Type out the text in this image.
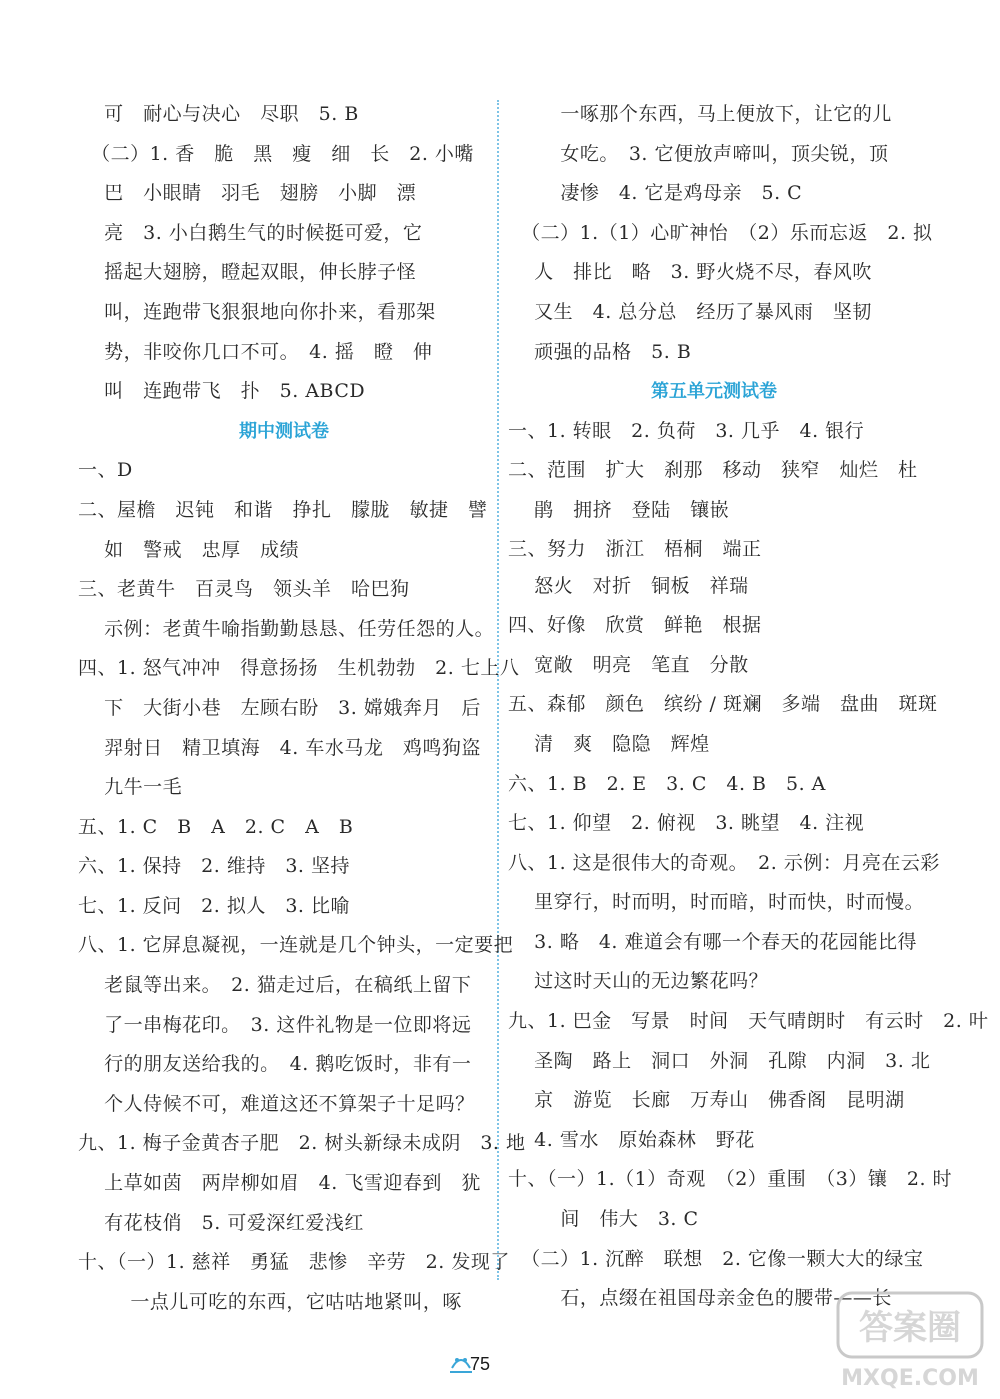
可　耐心与决心　尽职　5. B
（二）1. 香　脆　黑　瘦　细　长　2. 小嘴
巴　小眼睛　羽毛　翅膀　小脚　漂
亮　3. 小白鹅生气的时候挺可爱，它
摇起大翅膀，瞪起双眼，伸长脖子怪
叫，连跑带飞狠狠地向你扑来，看那架
势，非咬你几口不可。　4. 摇　瞪　伸
叫　连跑带飞　扑　5. ABCD
期中测试卷
一、D
二、屋檐　迟钝　和谐　挣扎　朦胧　敏捷　譬
如　警戒　忠厚　成绩
三、老黄牛　百灵鸟　领头羊　哈巴狗
示例：老黄牛喻指勤勤恳恳、任劳任怨的人。
四、1. 怒气冲冲　得意扬扬　生机勃勃　2. 七上八
下　大街小巷　左顾右盼　3. 嫦娥奔月　后
羿射日　精卫填海　4. 车水马龙　鸡鸣狗盗
九牛一毛
五、1. C　B　A　2. C　A　B
六、1. 保持　2. 维持　3. 坚持
七、1. 反问　2. 拟人　3. 比喻
八、1. 它屏息凝视，一连就是几个钟头，一定要把
老鼠等出来。　2. 猫走过后，在稿纸上留下
了一串梅花印。　3. 这件礼物是一位即将远
行的朋友送给我的。　4. 鹅吃饭时，非有一
个人侍候不可，难道这还不算架子十足吗？
九、1. 梅子金黄杏子肥　2. 树头新绿未成阴　3. 地
上草如茵　两岸柳如眉　4. 飞雪迎春到　犹
有花枝俏　5. 可爱深红爱浅红
十、（一）1. 慈祥　勇猛　悲惨　辛劳　2. 发现了
一点儿可吃的东西，它咕咕地紧叫，啄
一啄那个东西，马上便放下，让它的儿
女吃。　3. 它便放声啼叫，顶尖锐，顶
凄惨　4. 它是鸡母亲　5. C
（二）1.（1）心旷神怡　（2）乐而忘返　2. 拟
人　排比　略　3. 野火烧不尽，春风吹
又生　4. 总分总　经历了暴风雨　坚韧
顽强的品格　5. B
第五单元测试卷
一、1. 转眼　2. 负荷　3. 几乎　4. 银行
二、范围　扩大　刹那　移动　狭窄　灿烂　杜
鹃　拥挤　登陆　镶嵌
三、努力　浙江　梧桐　端正
怒火　对折　铜板　祥瑞
四、好像　欣赏　鲜艳　根据
宽敞　明亮　笔直　分散
五、森郁　颜色　缤纷 / 斑斓　多端　盘曲　斑斑
清　爽　隐隐　辉煌
六、1. B　2. E　3. C　4. B　5. A
七、1. 仰望　2. 俯视　3. 眺望　4. 注视
八、1. 这是很伟大的奇观。　2. 示例：月亮在云彩
里穿行，时而明，时而暗，时而快，时而慢。
3. 略　4. 难道会有哪一个春天的花园能比得
过这时天山的无边繁花吗？
九、1. 巴金　写景　时间　天气晴朗时　有云时　2. 叶
圣陶　路上　洞口　外洞　孔隙　内洞　3. 北
京　游览　长廊　万寿山　佛香阁　昆明湖
4. 雪水　原始森林　野花
十、（一）1.（1）奇观　（2）重围　（3）镶　2. 时
间　伟大　3. C
（二）1. 沉醉　联想　2. 它像一颗大大的绿宝
石，点缀在祖国母亲金色的腰带——长
75
答案圈
MXQE.COM
